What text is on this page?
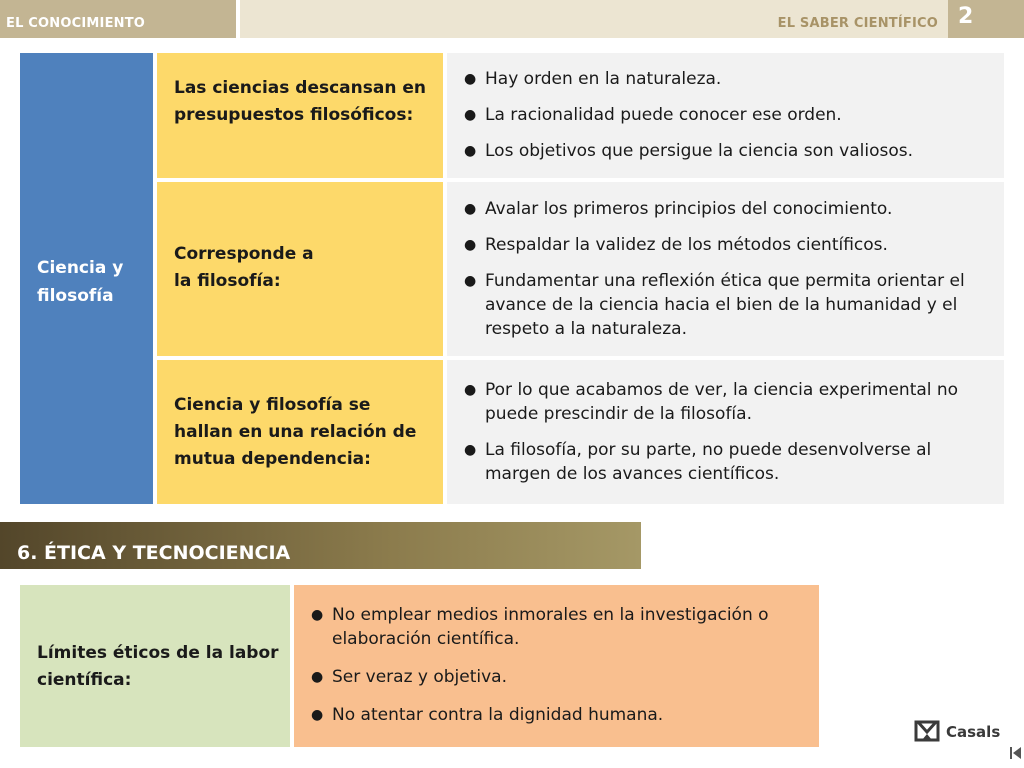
EL CONOCIMIENTO	EL SABER CIENTÍFICO 2
Ciencia y filosofía
Las ciencias descansan en presupuestos filosóficos:
● Hay orden en la naturaleza.
● La racionalidad puede conocer ese orden.
● Los objetivos que persigue la ciencia son valiosos.
Corresponde a la filosofía:
● Avalar los primeros principios del conocimiento.
● Respaldar la validez de los métodos científicos.
● Fundamentar una reflexión ética que permita orientar el avance de la ciencia hacia el bien de la humanidad y el respeto a la naturaleza.
Ciencia y filosofía se hallan en una relación de mutua dependencia:
● Por lo que acabamos de ver, la ciencia experimental no puede prescindir de la filosofía.
● La filosofía, por su parte, no puede desenvolverse al margen de los avances científicos.
6. ÉTICA Y TECNOCIENCIA
Límites éticos de la labor científica:
● No emplear medios inmorales en la investigación o elaboración científica.
● Ser veraz y objetiva.
● No atentar contra la dignidad humana.
Casals
